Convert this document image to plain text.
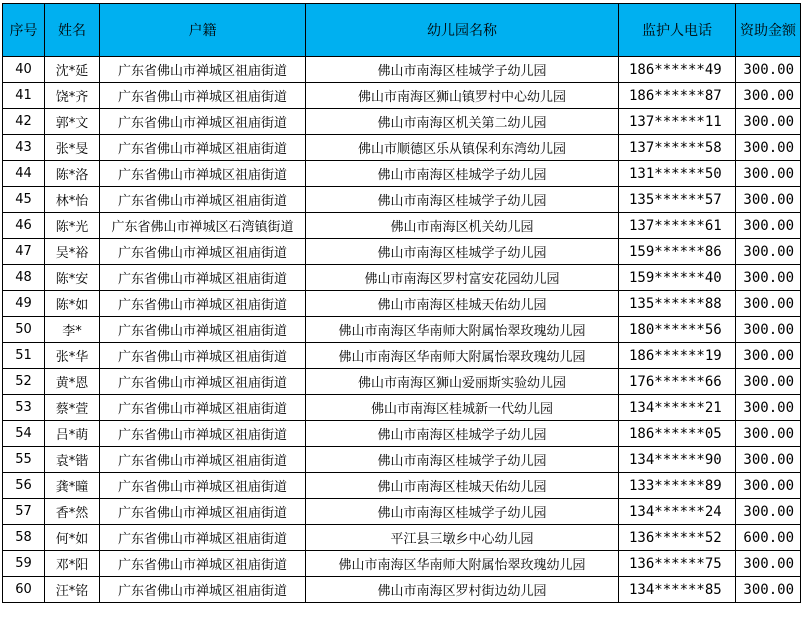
序号	姓名	户籍	幼儿园名称	监护人电话	资助金额
40	沈*延	广东省佛山市禅城区祖庙街道	佛山市南海区桂城学子幼儿园	186******49	300.00
41	饶*齐	广东省佛山市禅城区祖庙街道	佛山市南海区狮山镇罗村中心幼儿园	186******87	300.00
42	郭*文	广东省佛山市禅城区祖庙街道	佛山市南海区机关第二幼儿园	137******11	300.00
43	张*旻	广东省佛山市禅城区祖庙街道	佛山市顺德区乐从镇保利东湾幼儿园	137******58	300.00
44	陈*洛	广东省佛山市禅城区祖庙街道	佛山市南海区桂城学子幼儿园	131******50	300.00
45	林*怡	广东省佛山市禅城区祖庙街道	佛山市南海区桂城学子幼儿园	135******57	300.00
46	陈*光	广东省佛山市禅城区石湾镇街道	佛山市南海区机关幼儿园	137******61	300.00
47	吴*裕	广东省佛山市禅城区祖庙街道	佛山市南海区桂城学子幼儿园	159******86	300.00
48	陈*安	广东省佛山市禅城区祖庙街道	佛山市南海区罗村富安花园幼儿园	159******40	300.00
49	陈*如	广东省佛山市禅城区祖庙街道	佛山市南海区桂城天佑幼儿园	135******88	300.00
50	李*	广东省佛山市禅城区祖庙街道	佛山市南海区华南师大附属怡翠玫瑰幼儿园	180******56	300.00
51	张*华	广东省佛山市禅城区祖庙街道	佛山市南海区华南师大附属怡翠玫瑰幼儿园	186******19	300.00
52	黄*恩	广东省佛山市禅城区祖庙街道	佛山市南海区狮山爱丽斯实验幼儿园	176******66	300.00
53	蔡*萱	广东省佛山市禅城区祖庙街道	佛山市南海区桂城新一代幼儿园	134******21	300.00
54	吕*萌	广东省佛山市禅城区祖庙街道	佛山市南海区桂城学子幼儿园	186******05	300.00
55	袁*锴	广东省佛山市禅城区祖庙街道	佛山市南海区桂城学子幼儿园	134******90	300.00
56	龚*曈	广东省佛山市禅城区祖庙街道	佛山市南海区桂城天佑幼儿园	133******89	300.00
57	香*然	广东省佛山市禅城区祖庙街道	佛山市南海区桂城学子幼儿园	134******24	300.00
58	何*如	广东省佛山市禅城区祖庙街道	平江县三墩乡中心幼儿园	136******52	600.00
59	邓*阳	广东省佛山市禅城区祖庙街道	佛山市南海区华南师大附属怡翠玫瑰幼儿园	136******75	300.00
60	汪*铭	广东省佛山市禅城区祖庙街道	佛山市南海区罗村街边幼儿园	134******85	300.00
